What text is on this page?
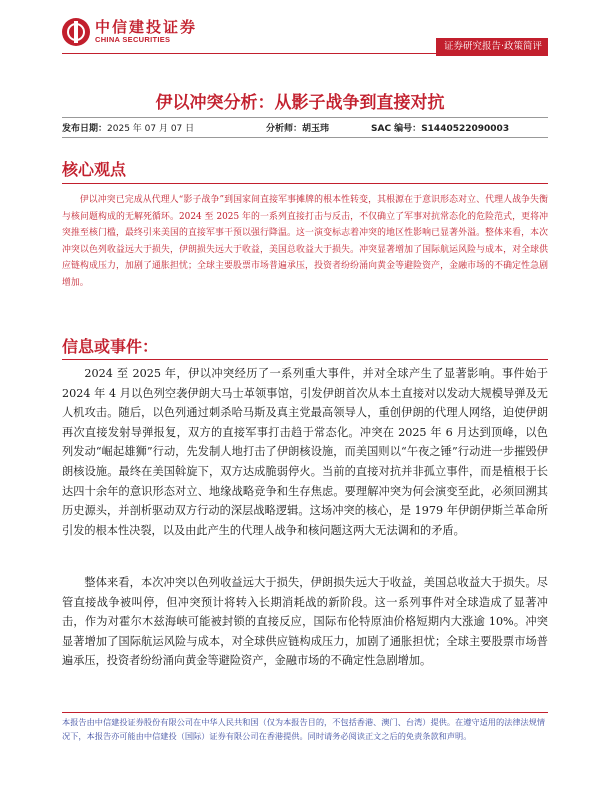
中信建投证券
CHINA SECURITIES
证券研究报告·政策简评
伊以冲突分析：从影子战争到直接对抗
发布日期：2025 年 07 月 07 日	分析师：胡玉玮	SAC 编号：S1440522090003
核心观点

伊以冲突已完成从代理人“影子战争”到国家间直接军事摊牌的根本性转变，其根源在于意识形态对立、代理人战争失衡与核问题构成的无解死循环。2024 至 2025 年的一系列直接打击与反击，不仅确立了军事对抗常态化的危险范式，更将冲突推至核门槛，最终引来美国的直接军事干预以强行降温。这一演变标志着冲突的地区性影响已显著外溢。整体来看，本次冲突以色列收益远大于损失，伊朗损失远大于收益，美国总收益大于损失。冲突显著增加了国际航运风险与成本，对全球供应链构成压力，加剧了通胀担忧；全球主要股票市场普遍承压，投资者纷纷涌向黄金等避险资产，金融市场的不确定性急剧增加。

信息或事件：

2024 至 2025 年，伊以冲突经历了一系列重大事件，并对全球产生了显著影响。事件始于 2024 年 4 月以色列空袭伊朗大马士革领事馆，引发伊朗首次从本土直接对以发动大规模导弹及无人机攻击。随后，以色列通过刺杀哈马斯及真主党最高领导人，重创伊朗的代理人网络，迫使伊朗再次直接发射导弹报复，双方的直接军事打击趋于常态化。冲突在 2025 年 6 月达到顶峰，以色列发动“崛起雄狮”行动，先发制人地打击了伊朗核设施，而美国则以“午夜之锤”行动进一步摧毁伊朗核设施。最终在美国斡旋下，双方达成脆弱停火。当前的直接对抗并非孤立事件，而是植根于长达四十余年的意识形态对立、地缘战略竞争和生存焦虑。要理解冲突为何会演变至此，必须回溯其历史源头，并剖析驱动双方行动的深层战略逻辑。这场冲突的核心，是 1979 年伊朗伊斯兰革命所引发的根本性决裂，以及由此产生的代理人战争和核问题这两大无法调和的矛盾。

整体来看，本次冲突以色列收益远大于损失，伊朗损失远大于收益，美国总收益大于损失。尽管直接战争被叫停，但冲突预计将转入长期消耗战的新阶段。这一系列事件对全球造成了显著冲击，作为对霍尔木兹海峡可能被封锁的直接反应，国际布伦特原油价格短期内大涨逾 10%。冲突显著增加了国际航运风险与成本，对全球供应链构成压力，加剧了通胀担忧；全球主要股票市场普遍承压，投资者纷纷涌向黄金等避险资产，金融市场的不确定性急剧增加。

本报告由中信建投证券股份有限公司在中华人民共和国（仅为本报告目的，不包括香港、澳门、台湾）提供。在遵守适用的法律法规情况下，本报告亦可能由中信建投（国际）证券有限公司在香港提供。同时请务必阅读正文之后的免责条款和声明。
